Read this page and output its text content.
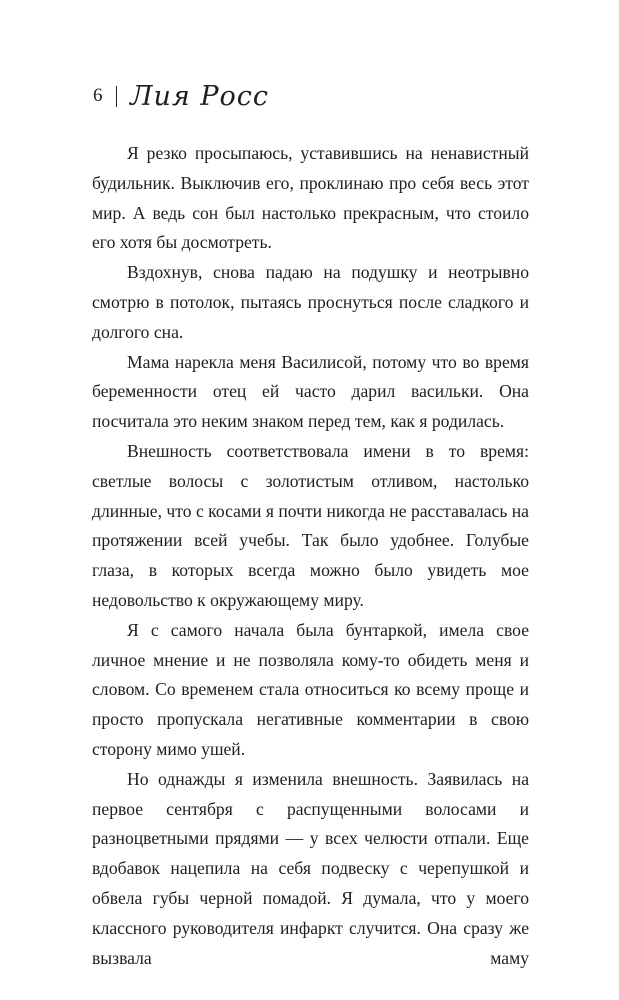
6 Лия Росс

Я резко просыпаюсь, уставившись на ненавистный будильник. Выключив его, проклинаю про себя весь этот мир. А ведь сон был настолько прекрасным, что стоило его хотя бы досмотреть.

Вздохнув, снова падаю на подушку и неотрывно смотрю в потолок, пытаясь проснуться после сладкого и долгого сна.

Мама нарекла меня Василисой, потому что во время беременности отец ей часто дарил васильки. Она посчитала это неким знаком перед тем, как я родилась.

Внешность соответствовала имени в то время: светлые волосы с золотистым отливом, настолько длинные, что с косами я почти никогда не расставалась на протяжении всей учебы. Так было удобнее. Голубые глаза, в которых всегда можно было увидеть мое недовольство к окружающему миру.

Я с самого начала была бунтаркой, имела свое личное мнение и не позволяла кому-то обидеть меня и словом. Со временем стала относиться ко всему проще и просто пропускала негативные комментарии в свою сторону мимо ушей.

Но однажды я изменила внешность. Заявилась на первое сентября с распущенными волосами и разноцветными прядями — у всех челюсти отпали. Еще вдобавок нацепила на себя подвеску с черепушкой и обвела губы черной помадой. Я думала, что у моего классного руководителя инфаркт случится. Она сразу же вызвала маму
